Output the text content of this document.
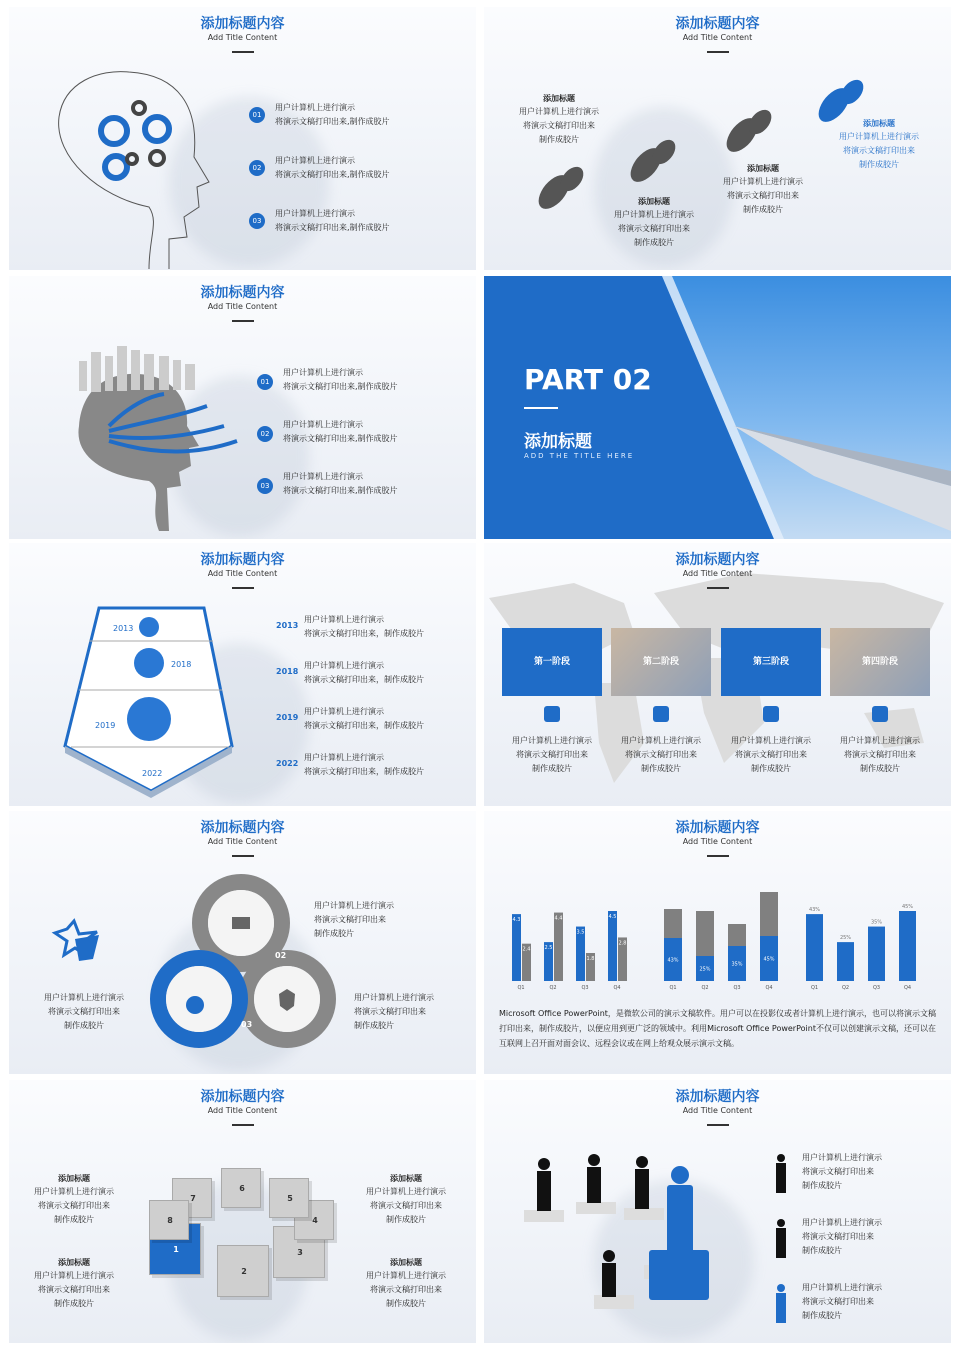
添加标题内容
Add Title Content
01
用户计算机上进行演示
将演示文稿打印出来,制作成胶片
02
用户计算机上进行演示
将演示文稿打印出来,制作成胶片
03
用户计算机上进行演示
将演示文稿打印出来,制作成胶片
添加标题内容
Add Title Content
添加标题
用户计算机上进行演示
将演示文稿打印出来
制作成胶片
添加标题
用户计算机上进行演示
将演示文稿打印出来
制作成胶片
添加标题
用户计算机上进行演示
将演示文稿打印出来
制作成胶片
添加标题
用户计算机上进行演示
将演示文稿打印出来
制作成胶片
添加标题内容
Add Title Content
01
用户计算机上进行演示
将演示文稿打印出来,制作成胶片
02
用户计算机上进行演示
将演示文稿打印出来,制作成胶片
03
用户计算机上进行演示
将演示文稿打印出来,制作成胶片
PART 02
添加标题
ADD THE TITLE HERE
添加标题内容
Add Title Content
2013
2018
2019
2022
2013
用户计算机上进行演示
将演示文稿打印出来，制作成胶片
2018
用户计算机上进行演示
将演示文稿打印出来，制作成胶片
2019
用户计算机上进行演示
将演示文稿打印出来，制作成胶片
2022
用户计算机上进行演示
将演示文稿打印出来，制作成胶片
添加标题内容
Add Title Content
第一阶段
用户计算机上进行演示
将演示文稿打印出来
制作成胶片
第二阶段
用户计算机上进行演示
将演示文稿打印出来
制作成胶片
第三阶段
用户计算机上进行演示
将演示文稿打印出来
制作成胶片
第四阶段
用户计算机上进行演示
将演示文稿打印出来
制作成胶片
添加标题内容
Add Title Content
01
02
03
用户计算机上进行演示
将演示文稿打印出来
制作成胶片
用户计算机上进行演示
将演示文稿打印出来
制作成胶片
用户计算机上进行演示
将演示文稿打印出来
制作成胶片
添加标题内容
Add Title Content
4.3
2.4
Q1
2.5
4.4
Q2
3.5
1.8
Q3
4.5
2.8
Q4
43%
Q1
25%
Q2
35%
Q3
45%
Q4
43%
Q1
25%
Q2
35%
Q3
45%
Q4
Microsoft Office PowerPoint，是微软公司的演示文稿软件。用户可以在投影仪或者计算机上进行演示，也可以将演示文稿打印出来，制作成胶片，以便应用到更广泛的领域中。利用Microsoft Office PowerPoint不仅可以创建演示文稿，还可以在互联网上召开面对面会议、远程会议或在网上给观众展示演示文稿。
添加标题内容
Add Title Content
1
2
3
4
5
6
7
8
添加标题
用户计算机上进行演示
将演示文稿打印出来
制作成胶片
添加标题
用户计算机上进行演示
将演示文稿打印出来
制作成胶片
添加标题
用户计算机上进行演示
将演示文稿打印出来
制作成胶片
添加标题
用户计算机上进行演示
将演示文稿打印出来
制作成胶片
添加标题内容
Add Title Content
用户计算机上进行演示
将演示文稿打印出来
制作成胶片
用户计算机上进行演示
将演示文稿打印出来
制作成胶片
用户计算机上进行演示
将演示文稿打印出来
制作成胶片
